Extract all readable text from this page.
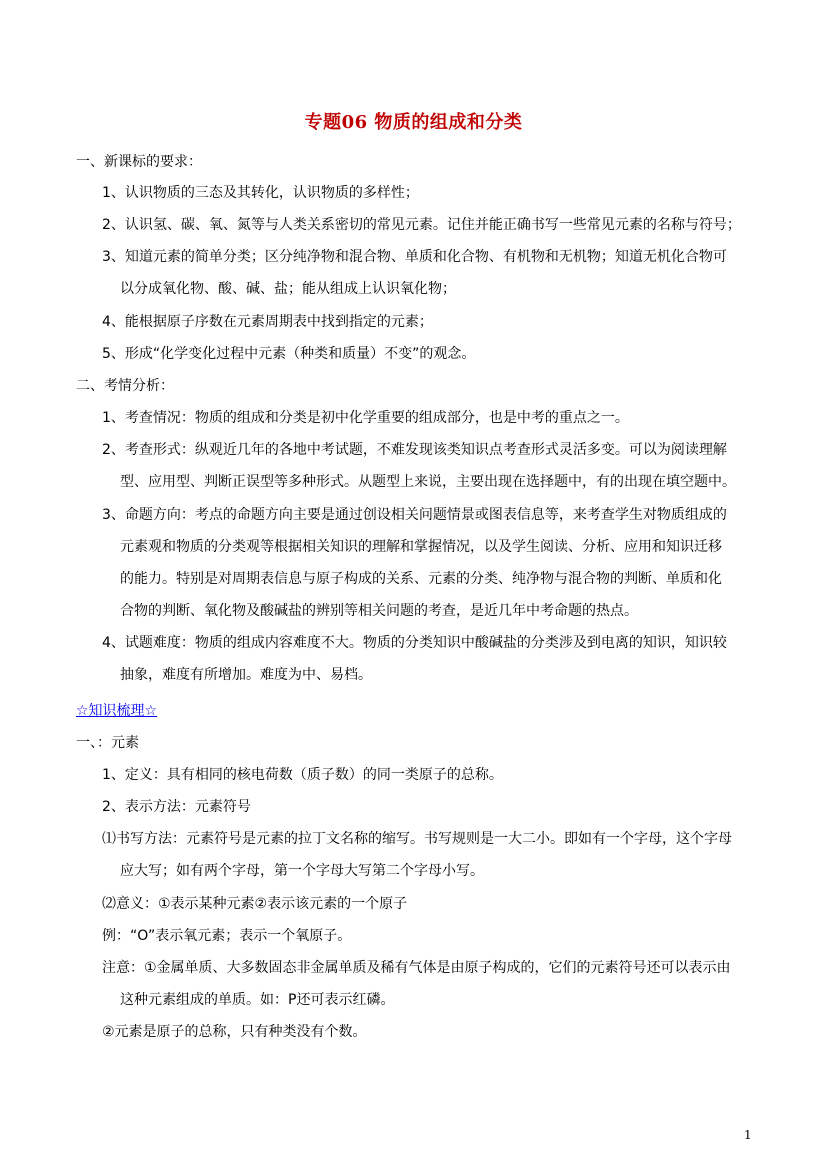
专题06 物质的组成和分类
一、新课标的要求：
1、认识物质的三态及其转化，认识物质的多样性；
2、认识氢、碳、氧、氮等与人类关系密切的常见元素。记住并能正确书写一些常见元素的名称与符号；
3、知道元素的简单分类；区分纯净物和混合物、单质和化合物、有机物和无机物；知道无机化合物可
以分成氧化物、酸、碱、盐；能从组成上认识氧化物；
4、能根据原子序数在元素周期表中找到指定的元素；
5、形成“化学变化过程中元素（种类和质量）不变”的观念。
二、考情分析：
1、考查情况：物质的组成和分类是初中化学重要的组成部分，也是中考的重点之一。
2、考查形式：纵观近几年的各地中考试题，不难发现该类知识点考查形式灵活多变。可以为阅读理解
型、应用型、判断正误型等多种形式。从题型上来说，主要出现在选择题中，有的出现在填空题中。
3、命题方向：考点的命题方向主要是通过创设相关问题情景或图表信息等，来考查学生对物质组成的
元素观和物质的分类观等根据相关知识的理解和掌握情况，以及学生阅读、分析、应用和知识迁移
的能力。特别是对周期表信息与原子构成的关系、元素的分类、纯净物与混合物的判断、单质和化
合物的判断、氧化物及酸碱盐的辨别等相关问题的考查，是近几年中考命题的热点。
4、试题难度：物质的组成内容难度不大。物质的分类知识中酸碱盐的分类涉及到电离的知识，知识较
抽象，难度有所增加。难度为中、易档。
☆知识梳理☆
一、：元素
1、定义：具有相同的核电荷数（质子数）的同一类原子的总称。
2、表示方法：元素符号
⑴书写方法：元素符号是元素的拉丁文名称的缩写。书写规则是一大二小。即如有一个字母，这个字母
应大写；如有两个字母，第一个字母大写第二个字母小写。
⑵意义：①表示某种元素②表示该元素的一个原子
例：“O”表示氧元素；表示一个氧原子。
注意：①金属单质、大多数固态非金属单质及稀有气体是由原子构成的，它们的元素符号还可以表示由
这种元素组成的单质。如：P还可表示红磷。
②元素是原子的总称，只有种类没有个数。
1
